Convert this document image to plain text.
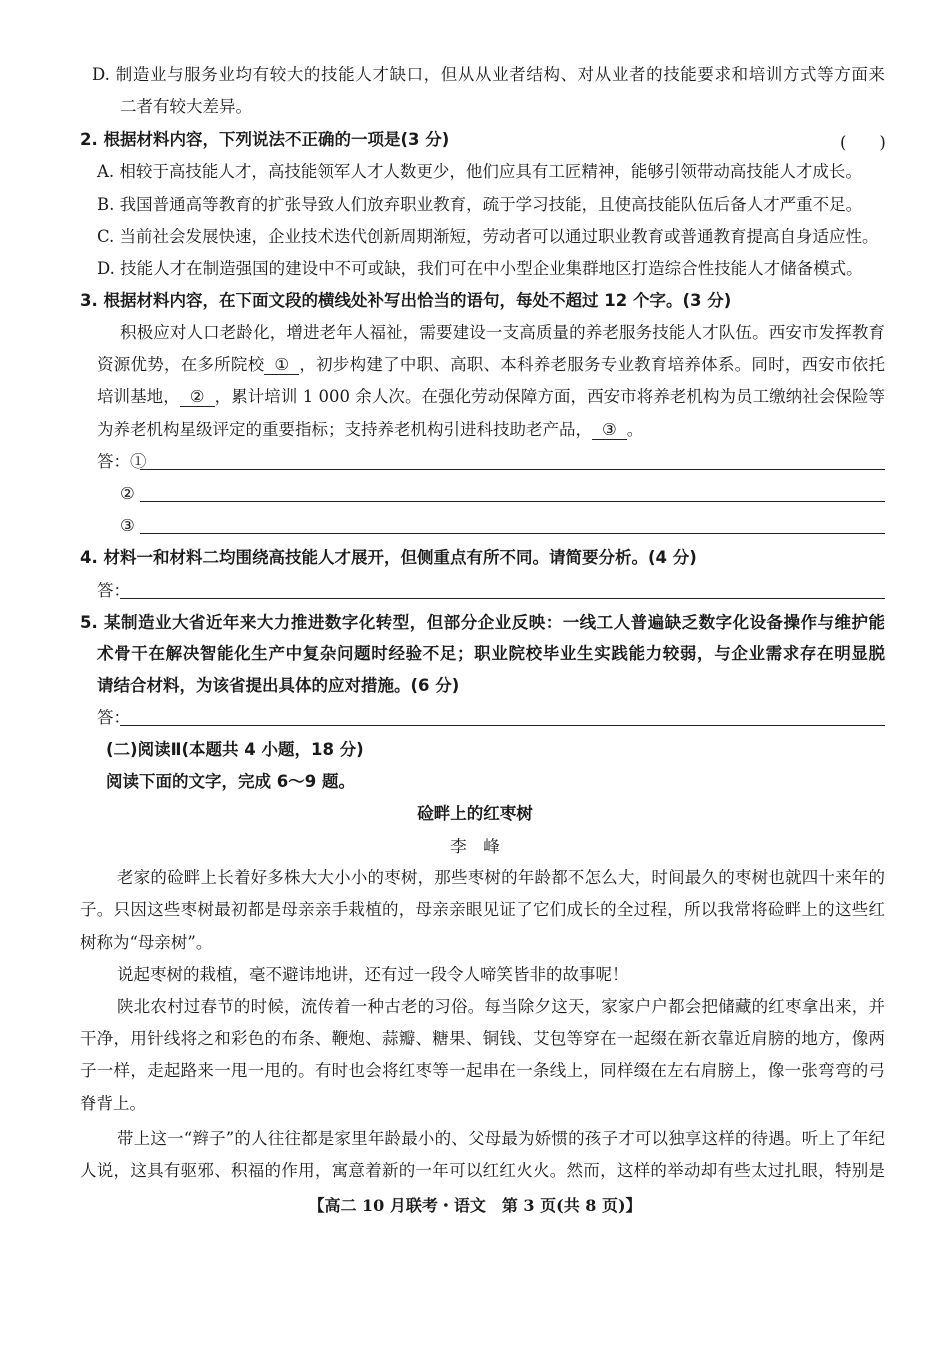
D. 制造业与服务业均有较大的技能人才缺口，但从从业者结构、对从业者的技能要求和培训方式等方面来
二者有较大差异。
2. 根据材料内容，下列说法不正确的一项是(3 分)
A. 相较于高技能人才，高技能领军人才人数更少，他们应具有工匠精神，能够引领带动高技能人才成长。
B. 我国普通高等教育的扩张导致人们放弃职业教育，疏于学习技能，且使高技能队伍后备人才严重不足。
C. 当前社会发展快速，企业技术迭代创新周期渐短，劳动者可以通过职业教育或普通教育提高自身适应性。
D. 技能人才在制造强国的建设中不可或缺，我们可在中小型企业集群地区打造综合性技能人才储备模式。
3. 根据材料内容，在下面文段的横线处补写出恰当的语句，每处不超过 12 个字。(3 分)
积极应对人口老龄化，增进老年人福祉，需要建设一支高质量的养老服务技能人才队伍。西安市发挥教育
资源优势，在多所院校 ① ，初步构建了中职、高职、本科养老服务专业教育培养体系。同时，西安市依托
培训基地， ② ，累计培训 1 000 余人次。在强化劳动保障方面，西安市将养老机构为员工缴纳社会保险等
为养老机构星级评定的重要指标；支持养老机构引进科技助老产品， ③ 。
答：①
②
③
4. 材料一和材料二均围绕高技能人才展开，但侧重点有所不同。请简要分析。(4 分)
答：
5. 某制造业大省近年来大力推进数字化转型，但部分企业反映：一线工人普遍缺乏数字化设备操作与维护能
术骨干在解决智能化生产中复杂问题时经验不足；职业院校毕业生实践能力较弱，与企业需求存在明显脱
请结合材料，为该省提出具体的应对措施。(6 分)
答：
(二)阅读Ⅱ(本题共 4 小题，18 分)
阅读下面的文字，完成 6～9 题。
硷畔上的红枣树
李　峰
老家的硷畔上长着好多株大大小小的枣树，那些枣树的年龄都不怎么大，时间最久的枣树也就四十来年的
子。只因这些枣树最初都是母亲亲手栽植的，母亲亲眼见证了它们成长的全过程，所以我常将硷畔上的这些红
树称为“母亲树”。
说起枣树的栽植，毫不避讳地讲，还有过一段令人啼笑皆非的故事呢！
陕北农村过春节的时候，流传着一种古老的习俗。每当除夕这天，家家户户都会把储藏的红枣拿出来，并
干净，用针线将之和彩色的布条、鞭炮、蒜瓣、糖果、铜钱、艾包等穿在一起缀在新衣靠近肩膀的地方，像两
子一样，走起路来一甩一甩的。有时也会将红枣等一起串在一条线上，同样缀在左右肩膀上，像一张弯弯的弓
脊背上。
带上这一“辫子”的人往往都是家里年龄最小的、父母最为娇惯的孩子才可以独享这样的待遇。听上了年纪
人说，这具有驱邪、积福的作用，寓意着新的一年可以红红火火。然而，这样的举动却有些太过扎眼，特别是
【高二 10 月联考・语文　第 3 页(共 8 页)】
(　　)
